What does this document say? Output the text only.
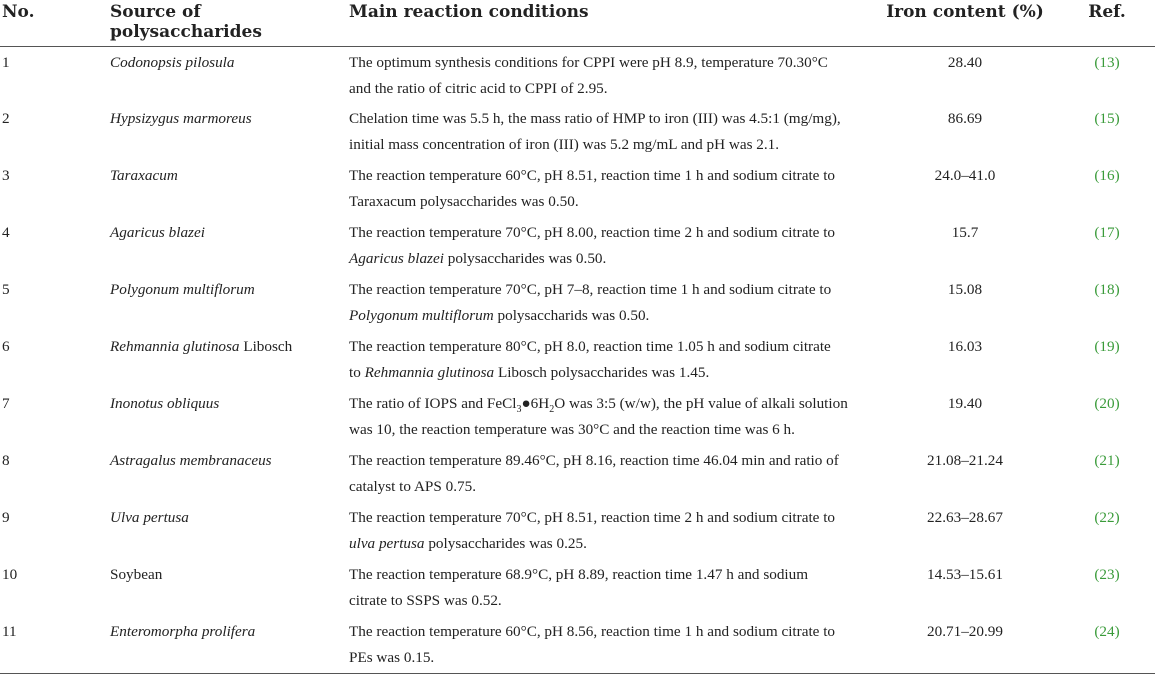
No.	Source of polysaccharides	Main reaction conditions	Iron content (%)	Ref.
1	Codonopsis pilosula	The optimum synthesis conditions for CPPI were pH 8.9, temperature 70.30°C
and the ratio of citric acid to CPPI of 2.95.	28.40	(13)
2	Hypsizygus marmoreus	Chelation time was 5.5 h, the mass ratio of HMP to iron (III) was 4.5:1 (mg/mg),
initial mass concentration of iron (III) was 5.2 mg/mL and pH was 2.1.	86.69	(15)
3	Taraxacum	The reaction temperature 60°C, pH 8.51, reaction time 1 h and sodium citrate to
Taraxacum polysaccharides was 0.50.	24.0–41.0	(16)
4	Agaricus blazei	The reaction temperature 70°C, pH 8.00, reaction time 2 h and sodium citrate to
Agaricus blazei polysaccharides was 0.50.	15.7	(17)
5	Polygonum multiflorum	The reaction temperature 70°C, pH 7–8, reaction time 1 h and sodium citrate to
Polygonum multiflorum polysaccharids was 0.50.	15.08	(18)
6	Rehmannia glutinosa Libosch	The reaction temperature 80°C, pH 8.0, reaction time 1.05 h and sodium citrate
to Rehmannia glutinosa Libosch polysaccharides was 1.45.	16.03	(19)
7	Inonotus obliquus	The ratio of IOPS and $FeCl_3●6H_2O$ was 3:5 (w/w), the pH value of alkali solution
was 10, the reaction temperature was 30°C and the reaction time was 6 h.	19.40	(20)
8	Astragalus membranaceus	The reaction temperature 89.46°C, pH 8.16, reaction time 46.04 min and ratio of
catalyst to APS 0.75.	21.08–21.24	(21)
9	Ulva pertusa	The reaction temperature 70°C, pH 8.51, reaction time 2 h and sodium citrate to
ulva pertusa polysaccharides was 0.25.	22.63–28.67	(22)
10	Soybean	The reaction temperature 68.9°C, pH 8.89, reaction time 1.47 h and sodium
citrate to SSPS was 0.52.	14.53–15.61	(23)
11	Enteromorpha prolifera	The reaction temperature 60°C, pH 8.56, reaction time 1 h and sodium citrate to
PEs was 0.15.	20.71–20.99	(24)
